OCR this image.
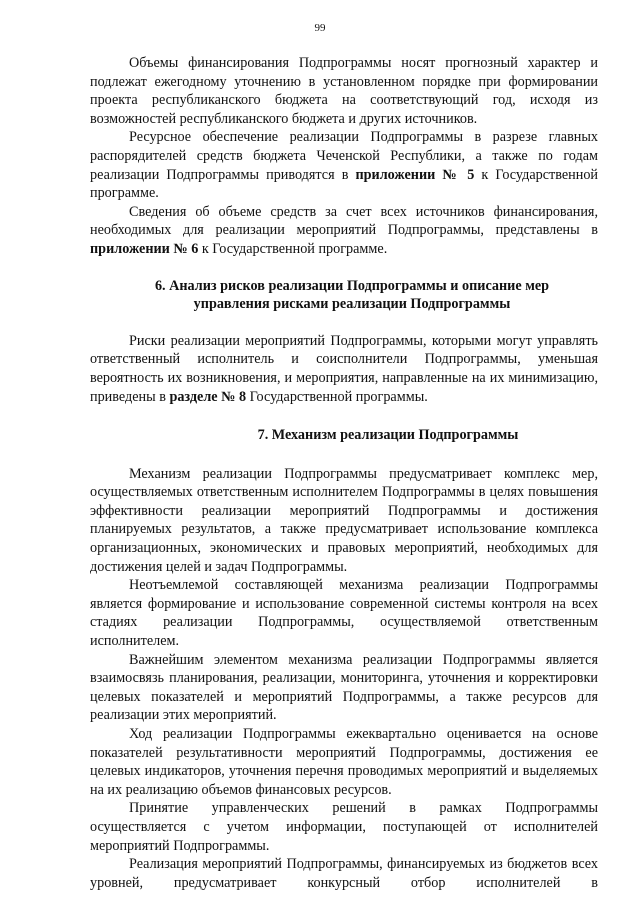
99

Объемы финансирования Подпрограммы носят прогнозный характер и подлежат ежегодному уточнению в установленном порядке при формировании проекта республиканского бюджета на соответствующий год, исходя из возможностей республиканского бюджета и других источников.

Ресурсное обеспечение реализации Подпрограммы в разрезе главных распорядителей средств бюджета Чеченской Республики, а также по годам реализации Подпрограммы приводятся в приложении № 5 к Государственной программе.

Сведения об объеме средств за счет всех источников финансирования, необходимых для реализации мероприятий Подпрограммы, представлены в приложении № 6 к Государственной программе.

6. Анализ рисков реализации Подпрограммы и описание мер
управления рисками реализации Подпрограммы

Риски реализации мероприятий Подпрограммы, которыми могут управлять ответственный исполнитель и соисполнители Подпрограммы, уменьшая вероятность их возникновения, и мероприятия, направленные на их минимизацию, приведены в разделе № 8 Государственной программы.

7. Механизм реализации Подпрограммы

Механизм реализации Подпрограммы предусматривает комплекс мер, осуществляемых ответственным исполнителем Подпрограммы в целях повышения эффективности реализации мероприятий Подпрограммы и достижения планируемых результатов, а также предусматривает использование комплекса организационных, экономических и правовых мероприятий, необходимых для достижения целей и задач Подпрограммы.

Неотъемлемой составляющей механизма реализации Подпрограммы является формирование и использование современной системы контроля на всех стадиях реализации Подпрограммы, осуществляемой ответственным исполнителем.

Важнейшим элементом механизма реализации Подпрограммы является взаимосвязь планирования, реализации, мониторинга, уточнения и корректировки целевых показателей и мероприятий Подпрограммы, а также ресурсов для реализации этих мероприятий.

Ход реализации Подпрограммы ежеквартально оценивается на основе показателей результативности мероприятий Подпрограммы, достижения ее целевых индикаторов, уточнения перечня проводимых мероприятий и выделяемых на их реализацию объемов финансовых ресурсов.

Принятие управленческих решений в рамках Подпрограммы осуществляется с учетом информации, поступающей от исполнителей мероприятий Подпрограммы.

Реализация мероприятий Подпрограммы, финансируемых из бюджетов всех уровней, предусматривает конкурсный отбор исполнителей в
